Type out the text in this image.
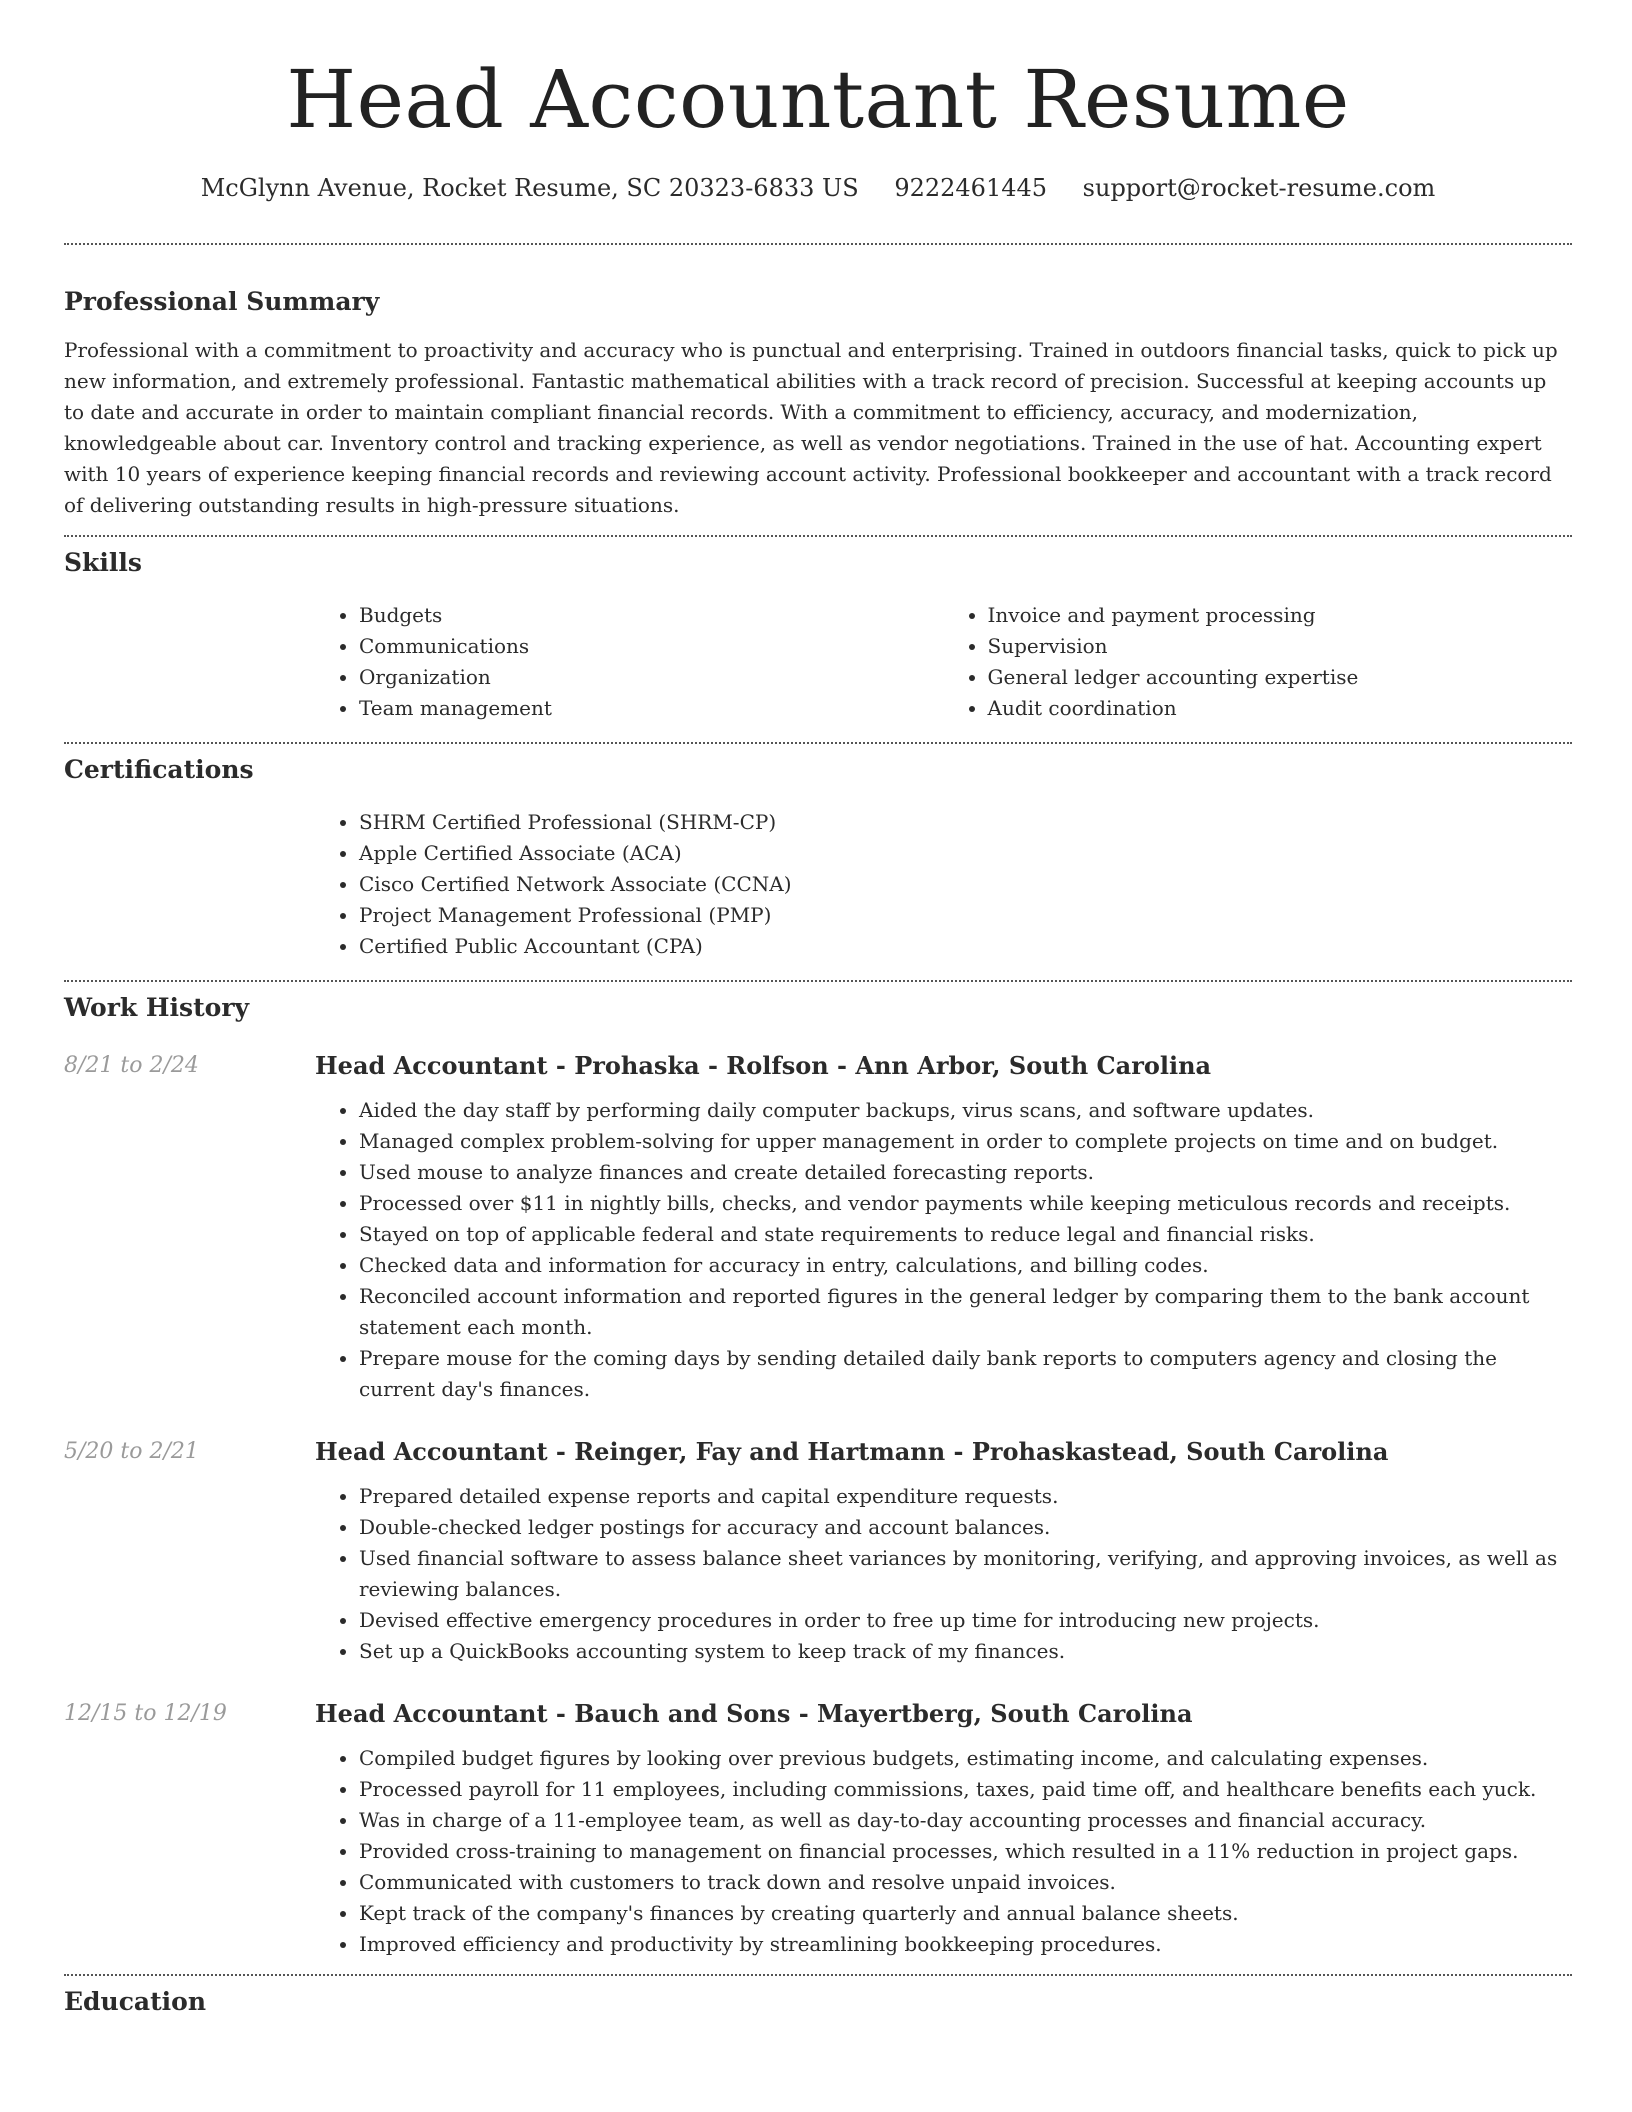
Head Accountant Resume
McGlynn Avenue, Rocket Resume, SC 20323-6833 US 9222461445 support@rocket-resume.com
Professional Summary

Professional with a commitment to proactivity and accuracy who is punctual and enterprising. Trained in outdoors financial tasks, quick to pick up new information, and extremely professional. Fantastic mathematical abilities with a track record of precision. Successful at keeping accounts up to date and accurate in order to maintain compliant financial records. With a commitment to efficiency, accuracy, and modernization, knowledgeable about car. Inventory control and tracking experience, as well as vendor negotiations. Trained in the use of hat. Accounting expert with 10 years of experience keeping financial records and reviewing account activity. Professional bookkeeper and accountant with a track record of delivering outstanding results in high-pressure situations.

Skills
• Budgets
• Communications
• Organization
• Team management
• Invoice and payment processing
• Supervision
• General ledger accounting expertise
• Audit coordination
Certifications
• SHRM Certified Professional (SHRM-CP)
• Apple Certified Associate (ACA)
• Cisco Certified Network Associate (CCNA)
• Project Management Professional (PMP)
• Certified Public Accountant (CPA)
Work History
8/21 to 2/24	Head Accountant - Prohaska - Rolfson - Ann Arbor, South Carolina
• Aided the day staff by performing daily computer backups, virus scans, and software updates.
• Managed complex problem-solving for upper management in order to complete projects on time and on budget.
• Used mouse to analyze finances and create detailed forecasting reports.
• Processed over $11 in nightly bills, checks, and vendor payments while keeping meticulous records and receipts.
• Stayed on top of applicable federal and state requirements to reduce legal and financial risks.
• Checked data and information for accuracy in entry, calculations, and billing codes.
• Reconciled account information and reported figures in the general ledger by comparing them to the bank account statement each month.
• Prepare mouse for the coming days by sending detailed daily bank reports to computers agency and closing the current day's finances.
5/20 to 2/21	Head Accountant - Reinger, Fay and Hartmann - Prohaskastead, South Carolina
• Prepared detailed expense reports and capital expenditure requests.
• Double-checked ledger postings for accuracy and account balances.
• Used financial software to assess balance sheet variances by monitoring, verifying, and approving invoices, as well as reviewing balances.
• Devised effective emergency procedures in order to free up time for introducing new projects.
• Set up a QuickBooks accounting system to keep track of my finances.
12/15 to 12/19	Head Accountant - Bauch and Sons - Mayertberg, South Carolina
• Compiled budget figures by looking over previous budgets, estimating income, and calculating expenses.
• Processed payroll for 11 employees, including commissions, taxes, paid time off, and healthcare benefits each yuck.
• Was in charge of a 11-employee team, as well as day-to-day accounting processes and financial accuracy.
• Provided cross-training to management on financial processes, which resulted in a 11% reduction in project gaps.
• Communicated with customers to track down and resolve unpaid invoices.
• Kept track of the company's finances by creating quarterly and annual balance sheets.
• Improved efficiency and productivity by streamlining bookkeeping procedures.
Education
